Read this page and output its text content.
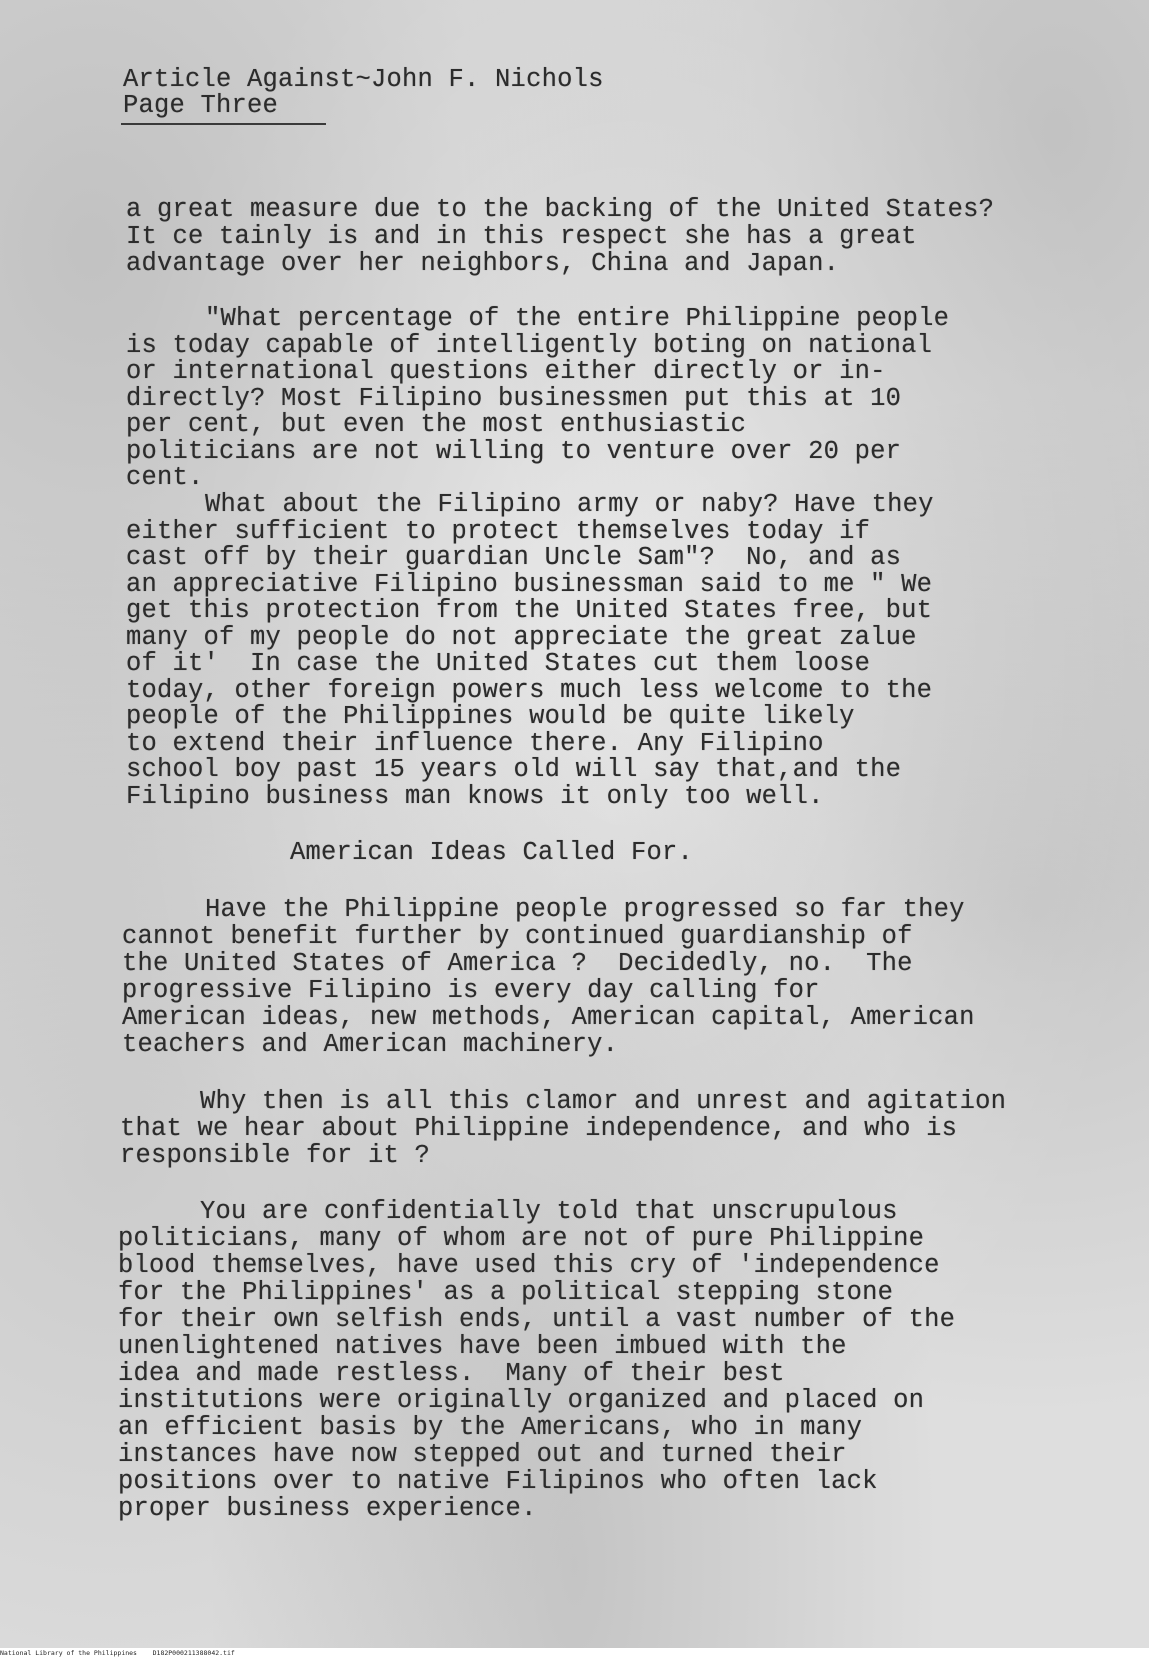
Article Against~John F. Nichols

Page Three

a great measure due to the backing of the United States?

It ce tainly is and in this respect she has a great

advantage over her neighbors, China and Japan.

"What percentage of the entire Philippine people

is today capable of intelligently boting on national

or international questions either directly or in-

directly? Most Filipino businessmen put this at 10

per cent, but even the most enthusiastic

politicians are not willing to venture over 20 per

cent.

What about the Filipino army or naby? Have they

either sufficient to protect themselves today if

cast off by their guardian Uncle Sam"?  No, and as

an appreciative Filipino businessman said to me " We

get this protection from the United States free, but

many of my people do not appreciate the great zalue

of it'  In case the United States cut them loose

today, other foreign powers much less welcome to the

people of the Philippines would be quite likely

to extend their influence there. Any Filipino

school boy past 15 years old will say that,and the

Filipino business man knows it only too well.

American Ideas Called For.

Have the Philippine people progressed so far they

cannot benefit further by continued guardianship of

the United States of America ?  Decidedly, no.  The

progressive Filipino is every day calling for

American ideas, new methods, American capital, American

teachers and American machinery.

Why then is all this clamor and unrest and agitation

that we hear about Philippine independence, and who is

responsible for it ?

You are confidentially told that unscrupulous

politicians, many of whom are not of pure Philippine

blood themselves, have used this cry of 'independence

for the Philippines' as a political stepping stone

for their own selfish ends, until a vast number of the

unenlightened natives have been imbued with the

idea and made restless.  Many of their best

institutions were originally organized and placed on

an efficient basis by the Americans, who in many

instances have now stepped out and turned their

positions over to native Filipinos who often lack

proper business experience.

National Library of the Philippines    D182P000211388042.tif
